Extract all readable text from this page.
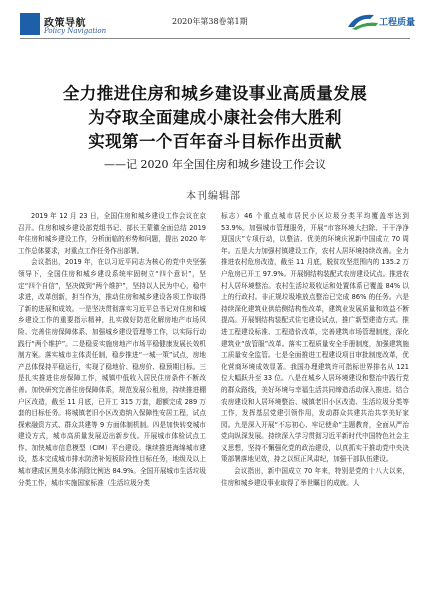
政策导航
Policy Navigation
2020年第38卷第1期	工程质量
全力推进住房和城乡建设事业高质量发展
为夺取全面建成小康社会伟大胜利
实现第一个百年奋斗目标作出贡献
——记 2020 年全国住房和城乡建设工作会议
本刊编辑部

2019 年 12 月 23 日，全国住房和城乡建设工作会议在京召开。住房和城乡建设部党组书记、部长王蒙徽全面总结 2019 年住房和城乡建设工作，分析面临的形势和问题，提出 2020 年工作总体要求，对重点工作任务作出部署。

会议指出，2019 年，在以习近平同志为核心的党中央坚强领导下，全国住房和城乡建设系统牢固树立“四个意识”，坚定“四个自信”，坚决做到“两个维护”，坚持以人民为中心，稳中求进，改革创新，担当作为，推动住房和城乡建设各项工作取得了新的进展和成效。一是坚决贯彻落实习近平总书记对住房和城乡建设工作的重要指示精神，扎实做好防范化解房地产市场风险、完善住房保障体系、加强城乡建设管理等工作，以实际行动践行“两个维护”。二是稳妥实施房地产市场平稳健康发展长效机制方案。落实城市主体责任制，稳步推进“一城一策”试点，房地产总体保持平稳运行，实现了稳地价、稳房价、稳预期目标。三是扎实推进住房保障工作，城镇中低收入居民住房条件不断改善。加快研究完善住房保障体系，规范发展公租房，持续推进棚户区改造，截至 11 月底，已开工 315 万套，超额完成 289 万套的目标任务。将城镇老旧小区改造纳入保障性安居工程，试点探索融资方式、群众共建等 9 方面体制机制。四是加快转变城市建设方式，城市高质量发展迈出新步伐。开展城市体检试点工作。加快城市信息模型（CIM）平台建设。继续推进海绵城市建设，基本完成城市排水防涝补短板阶段性目标任务，地级及以上城市建成区黑臭水体消除比例达 84.9%。全国开展城市生活垃圾分类工作，城市实施国家标准（生活垃圾分类

标志）46 个重点城市居民小区垃圾分类平均覆盖率达到 53.9%。加强城市管理服务，开展“市容环境大扫除、干干净净迎国庆”专项行动，以整洁、优美的环境庆祝新中国成立 70 周年。五是大力加强村镇建设工作，农村人居环境持续改善。全力推进农村危房改造，截至 11 月底，脱贫攻坚范围内的 135.2 万户危房已开工 97.9%。开展钢结构装配式农房建设试点。推进农村人居环境整治。农村生活垃圾收运和处置体系已覆盖 84% 以上的行政村。非正规垃圾堆放点整治已完成 86% 的任务。六是持续深化建筑业供给侧结构性改革，建筑业发展质量和效益不断提高。开展钢结构装配式住宅建设试点，推广新型建造方式。推进工程建设标准、工程造价改革，完善建筑市场管理制度，深化建筑业“放管服”改革。落实工程质量安全手册制度，加强建筑施工质量安全监管。七是全面推进工程建设项目审批制度改革，优化营商环境成效显著。我国办理建筑许可指标世界排名从 121 位大幅跃升至 33 位。八是在城乡人居环境建设和整治中践行党的群众路线，美好环境与幸福生活共同缔造活动深入推进。结合农房建设和人居环境整治、城镇老旧小区改造、生活垃圾分类等工作，发挥基层党建引领作用，发动群众共建共治共享美好家园。九是深入开展“不忘初心、牢记使命”主题教育，全面从严治党向纵深发展。持续深入学习贯彻习近平新时代中国特色社会主义思想，坚持不懈强化党的政治建设，以真抓实干推动党中央决策部署落地见效，持之以恒正风肃纪，加强干部队伍建设。

会议指出，新中国成立 70 年来，特别是党的十八大以来，住房和城乡建设事业取得了举世瞩目的成就。人
